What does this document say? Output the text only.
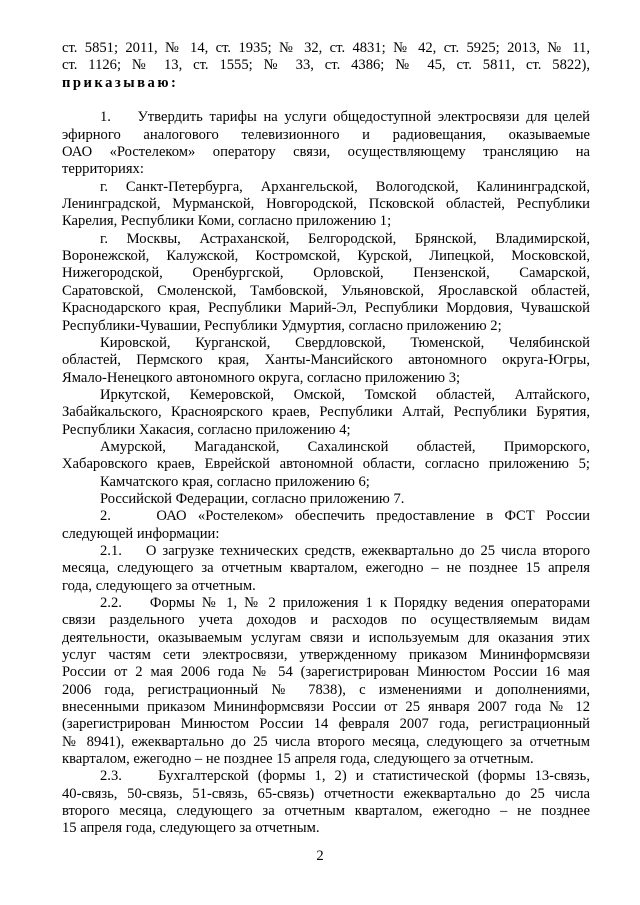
ст. 5851; 2011, № 14, ст. 1935; № 32, ст. 4831; № 42, ст. 5925; 2013, № 11,
ст. 1126; № 13, ст. 1555; № 33, ст. 4386; № 45, ст. 5811, ст. 5822),
приказываю:
1.    Утвердить тарифы на услуги общедоступной электросвязи для целей
эфирного аналогового телевизионного и радиовещания, оказываемые
ОАО «Ростелеком» оператору связи, осуществляющему трансляцию на
территориях:
г. Санкт-Петербурга, Архангельской, Вологодской, Калининградской,
Ленинградской, Мурманской, Новгородской, Псковской областей, Республики
Карелия, Республики Коми, согласно приложению 1;
г. Москвы, Астраханской, Белгородской, Брянской, Владимирской,
Воронежской, Калужской, Костромской, Курской, Липецкой, Московской,
Нижегородской, Оренбургской, Орловской, Пензенской, Самарской,
Саратовской, Смоленской, Тамбовской, Ульяновской, Ярославской областей,
Краснодарского края, Республики Марий-Эл, Республики Мордовия, Чувашской
Республики-Чувашии, Республики Удмуртия, согласно приложению 2;
Кировской, Курганской, Свердловской, Тюменской, Челябинской
областей, Пермского края, Ханты-Мансийского автономного округа-Югры,
Ямало-Ненецкого автономного округа, согласно приложению 3;
Иркутской, Кемеровской, Омской, Томской областей, Алтайского,
Забайкальского, Красноярского краев, Республики Алтай, Республики Бурятия,
Республики Хакасия, согласно приложению 4;
Амурской, Магаданской, Сахалинской областей, Приморского,
Хабаровского краев, Еврейской автономной области, согласно приложению 5;
Камчатского края, согласно приложению 6;
Российской Федерации, согласно приложению 7.
2.    ОАО «Ростелеком» обеспечить предоставление в ФСТ России
следующей информации:
2.1.    О загрузке технических средств, ежеквартально до 25 числа второго
месяца, следующего за отчетным кварталом, ежегодно – не позднее 15 апреля
года, следующего за отчетным.
2.2.    Формы № 1, № 2 приложения 1 к Порядку ведения операторами
связи раздельного учета доходов и расходов по осуществляемым видам
деятельности, оказываемым услугам связи и используемым для оказания этих
услуг частям сети электросвязи, утвержденному приказом Мининформсвязи
России от 2 мая 2006 года № 54 (зарегистрирован Минюстом России 16 мая
2006 года, регистрационный № 7838), с изменениями и дополнениями,
внесенными приказом Мининформсвязи России от 25 января 2007 года № 12
(зарегистрирован Минюстом России 14 февраля 2007 года, регистрационный
№ 8941), ежеквартально до 25 числа второго месяца, следующего за отчетным
кварталом, ежегодно – не позднее 15 апреля года, следующего за отчетным.
2.3.    Бухгалтерской (формы 1, 2) и статистической (формы 13-связь,
40-связь, 50-связь, 51-связь, 65-связь) отчетности ежеквартально до 25 числа
второго месяца, следующего за отчетным кварталом, ежегодно – не позднее
15 апреля года, следующего за отчетным.
2
